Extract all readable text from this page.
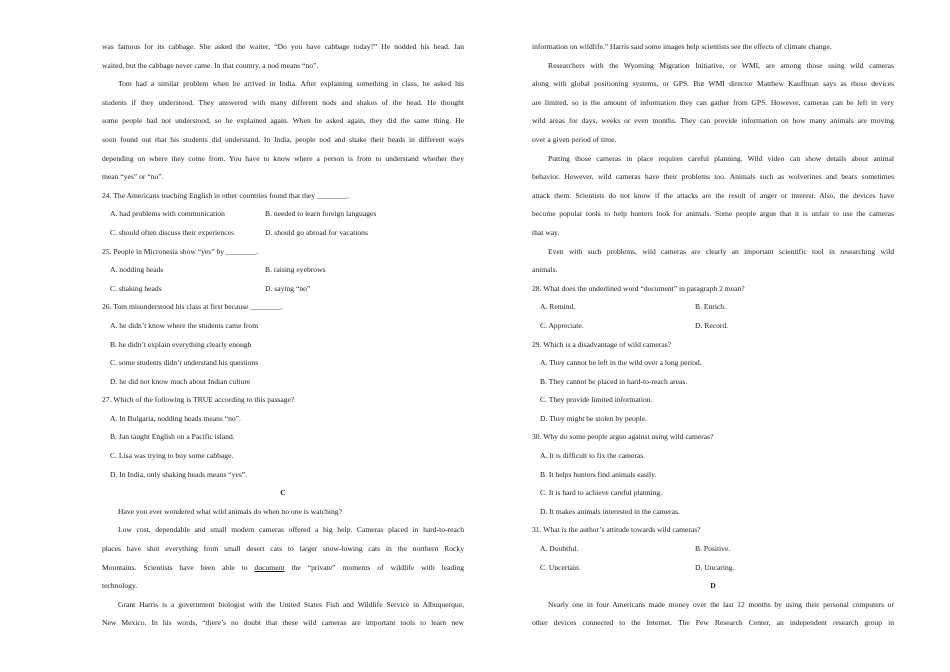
was famous for its cabbage. She asked the waiter, “Do you have cabbage today?” He nodded his head. Jan
waited, but the cabbage never came. In that country, a nod means “no”.
Tom had a similar problem when he arrived in India. After explaining something in class, he asked his
students if they understood. They answered with many different nods and shakes of the head. He thought
some people had not understood, so he explained again. When he asked again, they did the same thing. He
soon found out that his students did understand. In India, people nod and shake their heads in different ways
depending on where they come from. You have to know where a person is from to understand whether they
mean “yes” or “no”.
24. The Americans teaching English in other countries found that they ________.
A. had problems with communication	B. needed to learn foreign languages
C. should often discuss their experiences	D. should go abroad for vacations
25. People in Micronesia show “yes” by ________.
A. nodding heads	B. raising eyebrows
C. shaking heads	D. saying “no”
26. Tom misunderstood his class at first because ________.
A. he didn’t know where the students came from
B. he didn’t explain everything clearly enough
C. some students didn’t understand his questions
D. he did not know much about Indian culture
27. Which of the following is TRUE according to this passage?
A. In Bulgaria, nodding heads means “no”.
B. Jan taught English on a Pacific island.
C. Lisa was trying to buy some cabbage.
D. In India, only shaking heads means “yes”.
C
Have you ever wondered what wild animals do when no one is watching?
Low cost, dependable and small modern cameras offered a big help. Cameras placed in hard-to-reach
places have shot everything from small desert cats to larger snow-lowing cats in the northern Rocky
Mountains. Scientists have been able to document the “private” moments of wildlife with leading
technology.
Grant Harris is a government biologist with the United States Fish and Wildlife Service in Albuquerque,
New Mexico. In his words, “there’s no doubt that these wild cameras are important tools to learn new
information on wildlife.” Harris said some images help scientists see the effects of climate change.
Researchers with the Wyoming Migration Initiative, or WMI, are among those using wild cameras
along with global positioning systems, or GPS. But WMI director Matthew Kauffman says as those devices
are limited, so is the amount of information they can gather from GPS. However, cameras can be left in very
wild areas for days, weeks or even months. They can provide information on how many animals are moving
over a given period of time.
Putting those cameras in place requires careful planning. Wild video can show details about animal
behavior. However, wild cameras have their problems too. Animals such as wolverines and bears sometimes
attack them. Scientists do not know if the attacks are the result of anger or interest. Also, the devices have
become popular tools to help hunters look for animals. Some people argue that it is unfair to use the cameras
that way.
Even with such problems, wild cameras are clearly an important scientific tool in researching wild
animals.
28. What does the underlined word “document” in paragraph 2 mean?
A. Remind.	B. Enrich.
C. Appreciate.	D. Record.
29. Which is a disadvantage of wild cameras?
A. They cannot be left in the wild over a long period.
B. They cannot be placed in hard-to-reach areas.
C. They provide limited information.
D. They might be stolen by people.
30. Why do some people argue against using wild cameras?
A. It is difficult to fix the cameras.
B. It helps hunters find animals easily.
C. It is hard to achieve careful planning.
D. It makes animals interested in the cameras.
31. What is the author’s attitude towards wild cameras?
A. Doubtful.	B. Positive.
C. Uncertain.	D. Uncaring.
D
Nearly one in four Americans made money over the last 12 months by using their personal computers or
other devices connected to the Internet. The Pew Research Center, an independent research group in
